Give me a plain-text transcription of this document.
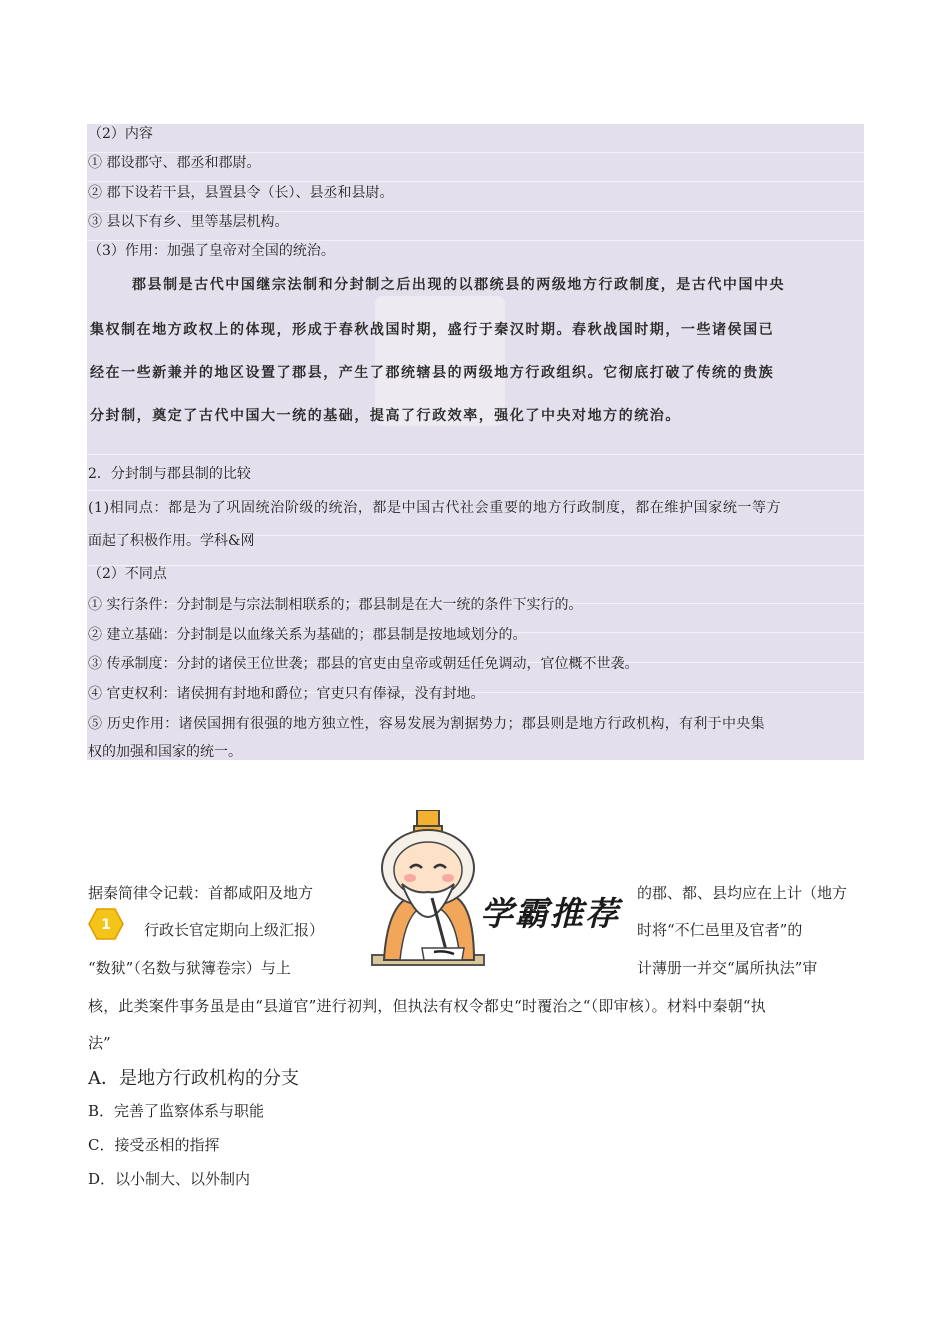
（2）内容
① 郡设郡守、郡丞和郡尉。
② 郡下设若干县，县置县令（长）、县丞和县尉。
③ 县以下有乡、里等基层机构。
（3）作用：加强了皇帝对全国的统治。
郡县制是古代中国继宗法制和分封制之后出现的以郡统县的两级地方行政制度，是古代中国中央
集权制在地方政权上的体现，形成于春秋战国时期，盛行于秦汉时期。春秋战国时期，一些诸侯国已
经在一些新兼并的地区设置了郡县，产生了郡统辖县的两级地方行政组织。它彻底打破了传统的贵族
分封制，奠定了古代中国大一统的基础，提高了行政效率，强化了中央对地方的统治。
2．分封制与郡县制的比较
(1)相同点：都是为了巩固统治阶级的统治，都是中国古代社会重要的地方行政制度，都在维护国家统一等方
面起了积极作用。学科&网
（2）不同点
① 实行条件：分封制是与宗法制相联系的；郡县制是在大一统的条件下实行的。
② 建立基础：分封制是以血缘关系为基础的；郡县制是按地域划分的。
③ 传承制度：分封的诸侯王位世袭；郡县的官吏由皇帝或朝廷任免调动，官位概不世袭。
④ 官吏权利：诸侯拥有封地和爵位；官吏只有俸禄，没有封地。
⑤ 历史作用：诸侯国拥有很强的地方独立性，容易发展为割据势力；郡县则是地方行政机构，有利于中央集
权的加强和国家的统一。
学霸推荐
1
据秦简律令记载：首都咸阳及地方	的郡、都、县均应在上计（地方
行政长官定期向上级汇报）	时将“不仁邑里及官者”的
“数狱”（名数与狱簿卷宗）与上	计薄册一并交“属所执法”审
核，此类案件事务虽是由“县道官”进行初判，但执法有权令都史“时覆治之“（即审核）。材料中秦朝“执
法”
A．是地方行政机构的分支
B．完善了监察体系与职能
C．接受丞相的指挥
D．以小制大、以外制内
